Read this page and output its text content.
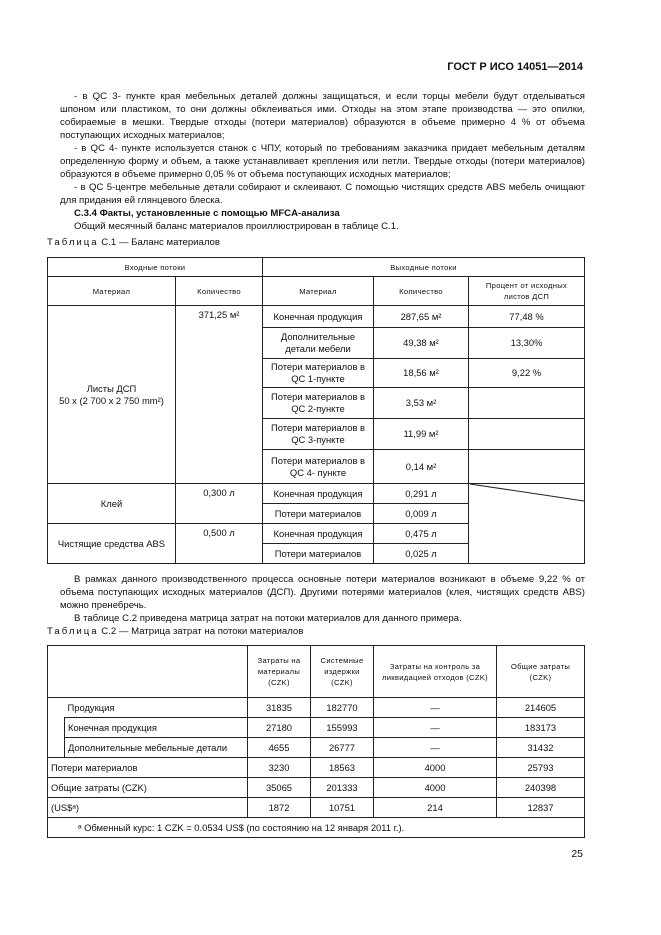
ГОСТ Р ИСО 14051—2014

- в QC 3- пункте края мебельных деталей должны защищаться, и если торцы мебели будут отделываться шпоном или пластиком, то они должны обклеиваться ими. Отходы на этом этапе производства — это опилки, собираемые в мешки. Твердые отходы (потери материалов) образуются в объеме примерно 4 % от объема поступающих исходных материалов;

- в QC 4- пункте используется станок с ЧПУ, который по требованиям заказчика придает мебельным деталям определенную форму и объем, а также устанавливает крепления или петли. Твердые отходы (потери материалов) образуются в объеме примерно 0,05 % от объема поступающих исходных материалов;

- в QC 5-центре мебельные детали собирают и склеивают. С помощью чистящих средств ABS мебель очищают для придания ей глянцевого блеска.

С.3.4 Факты, установленные с помощью MFCA-анализа

Общий месячный баланс материалов проиллюстрирован в таблице С.1.

Таблица С.1 — Баланс материалов
Входные потоки		Выходные потоки		
Материал	Количество	Материал	Количество	Процент от исходных листов ДСП
Листы ДСП
50 x (2 700 x 2 750 mm²)	371,25 м²	Конечная продукция	287,65 м²	77,48 %
		Дополнительные детали мебели	49,38 м²	13,30%
		Потери материалов в QC 1-пункте	18,56 м²	9,22 %
		Потери материалов в QC 2-пункте	3,53 м²	
		Потери материалов в QC 3-пункте	11,99 м²	
		Потери материалов в QC 4- пункте	0,14 м²	
Клей	0,300 л	Конечная продукция	0,291 л	
		Потери материалов	0,009 л	
Чистящие средства ABS	0,500 л	Конечная продукция	0,475 л	
		Потери материалов	0,025 л	

В рамках данного производственного процесса основные потери материалов возникают в объеме 9,22 % от объема поступающих исходных материалов (ДСП). Другими потерями материалов (клея, чистящих средств ABS) можно пренебречь.

В таблице С.2 приведена матрица затрат на потоки материалов для данного примера.

Таблица С.2 — Матрица затрат на потоки материалов
		Затраты на материалы (CZK)	Системные издержки (CZK)	Затраты на контроль за ликвидацией отходов (CZK)	Общие затраты (CZK)
	Продукция	31835	182770	—	214605
	Конечная продукция	27180	155993	—	183173
	Дополнительные мебельные детали	4655	26777	—	31432
Потери материалов		3230	18563	4000	25793
Общие затраты (CZK)		35065	201333	4000	240398
(US$ᵃ)		1872	10751	214	12837
ᵃ Обменный курс: 1 CZK = 0.0534 US$ (по состоянию на 12 января 2011 г.).					
25
